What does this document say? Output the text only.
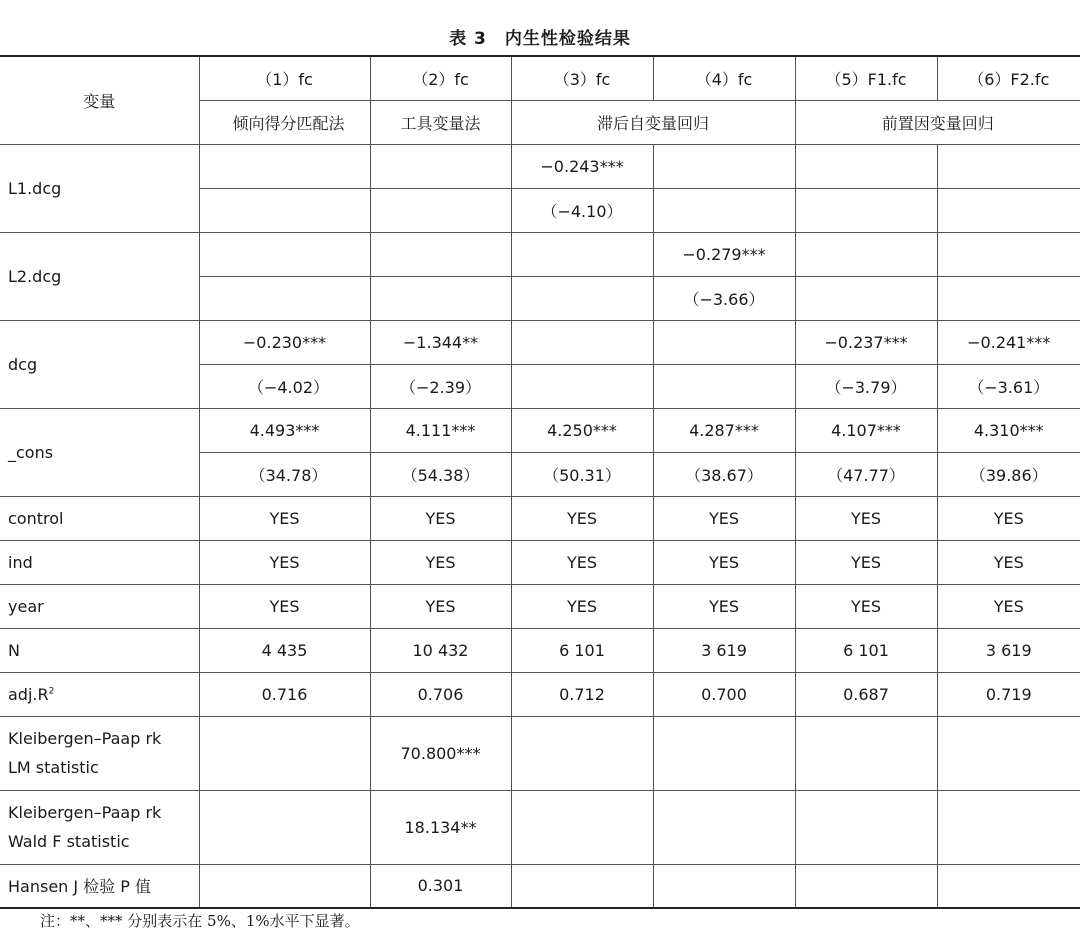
表 3　内生性检验结果
变量	（1）fc	（2）fc	（3）fc	（4）fc	（5）F1.fc	（6）F2.fc
	倾向得分匹配法	工具变量法	滞后自变量回归		前置因变量回归	
L1.dcg			−0.243***			
			（−4.10）			
L2.dcg				−0.279***		
				（−3.66）		
dcg	−0.230***	−1.344**			−0.237***	−0.241***
	（−4.02）	（−2.39）			（−3.79）	（−3.61）
_cons	4.493***	4.111***	4.250***	4.287***	4.107***	4.310***
	（34.78）	（54.38）	（50.31）	（38.67）	（47.77）	（39.86）
control	YES	YES	YES	YES	YES	YES
ind	YES	YES	YES	YES	YES	YES
year	YES	YES	YES	YES	YES	YES
N	4 435	10 432	6 101	3 619	6 101	3 619
$adj.R^2$	0.716	0.706	0.712	0.700	0.687	0.719

Kleibergen–Paap rk
LM statistic		70.800***				

Kleibergen–Paap rk
Wald F statistic		18.134**				
Hansen J 检验 P 值		0.301				
注：**、*** 分别表示在 5%、1%水平下显著。
